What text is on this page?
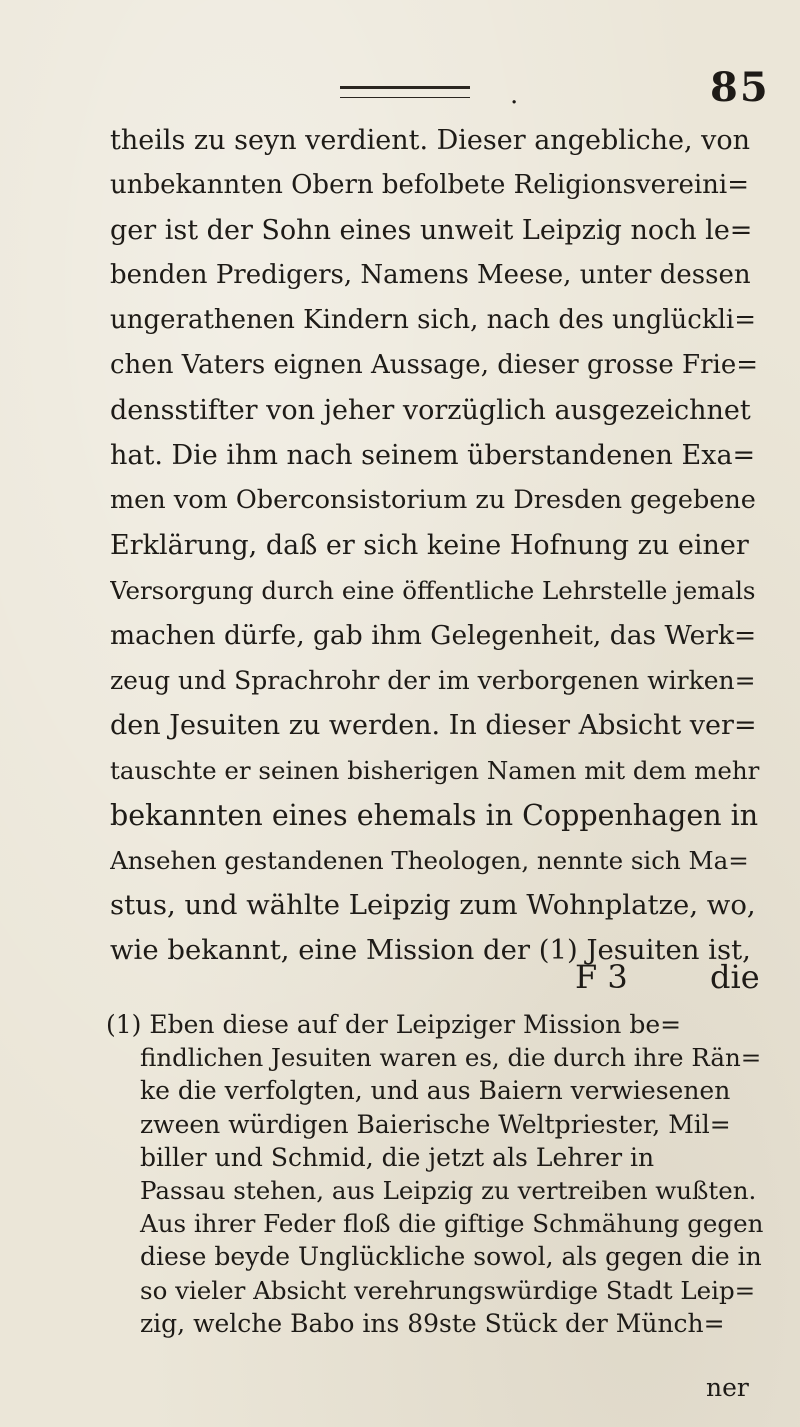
.	85
theils zu seyn verdient. Dieser angebliche, von
unbekannten Obern befolbete Religionsvereini=
ger ist der Sohn eines unweit Leipzig noch le=
benden Predigers, Namens Meese, unter dessen
ungerathenen Kindern sich, nach des unglückli=
chen Vaters eignen Aussage, dieser grosse Frie=
densstifter von jeher vorzüglich ausgezeichnet
hat. Die ihm nach seinem überstandenen Exa=
men vom Oberconsistorium zu Dresden gegebene
Erklärung, daß er sich keine Hofnung zu einer
Versorgung durch eine öffentliche Lehrstelle jemals
machen dürfe, gab ihm Gelegenheit, das Werk=
zeug und Sprachrohr der im verborgenen wirken=
den Jesuiten zu werden. In dieser Absicht ver=
tauschte er seinen bisherigen Namen mit dem mehr
bekannten eines ehemals in Coppenhagen in
Ansehen gestandenen Theologen, nennte sich Ma=
stus, und wählte Leipzig zum Wohnplatze, wo,
wie bekannt, eine Mission der (1) Jesuiten ist,
F 3	die
(1) Eben diese auf der Leipziger Mission be=
findlichen Jesuiten waren es, die durch ihre Rän=
ke die verfolgten, und aus Baiern verwiesenen
zween würdigen Baierische Weltpriester, Mil=
biller und Schmid, die jetzt als Lehrer in
Passau stehen, aus Leipzig zu vertreiben wußten.
Aus ihrer Feder floß die giftige Schmähung gegen
diese beyde Unglückliche sowol, als gegen die in
so vieler Absicht verehrungswürdige Stadt Leip=
zig, welche Babo ins 89ste Stück der Münch=
ner
